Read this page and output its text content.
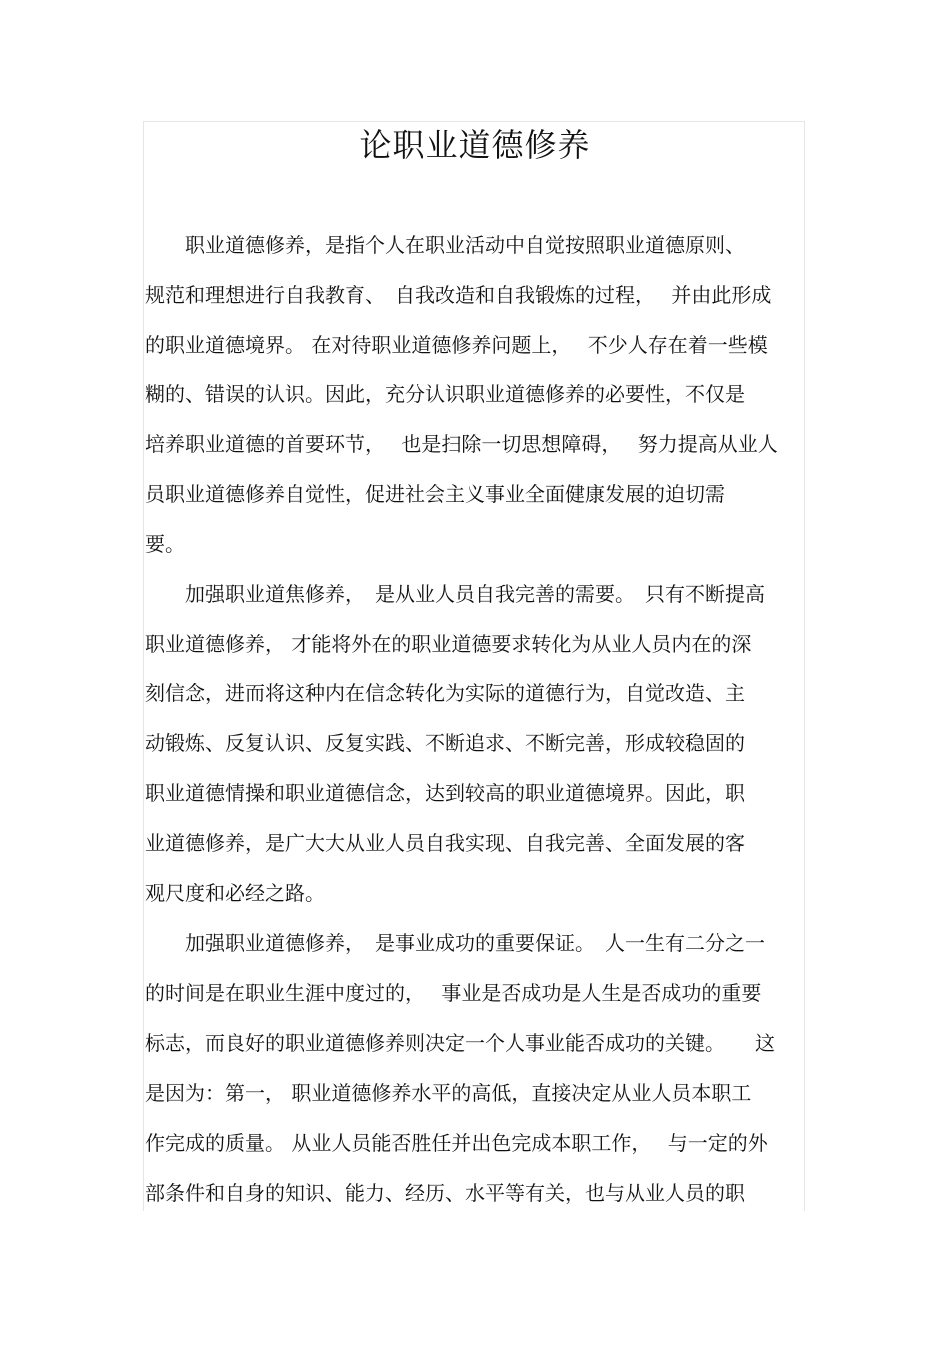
论职业道德修养
　　职业道德修养，是指个人在职业活动中自觉按照职业道德原则、
规范和理想进行自我教育、　自我改造和自我锻炼的过程，　 并由此形成
的职业道德境界。 在对待职业道德修养问题上，　 不少人存在着一些模
糊的、错误的认识。因此，充分认识职业道德修养的必要性，不仅是
培养职业道德的首要环节，　 也是扫除一切思想障碍，　 努力提高从业人
员职业道德修养自觉性，促进社会主义事业全面健康发展的迫切需
要。
　　加强职业道焦修养，　是从业人员自我完善的需要。　只有不断提高
职业道德修养， 才能将外在的职业道德要求转化为从业人员内在的深
刻信念，进而将这种内在信念转化为实际的道德行为，自觉改造、主
动锻炼、反复认识、反复实践、不断追求、不断完善，形成较稳固的
职业道德情操和职业道德信念，达到较高的职业道德境界。因此，职
业道德修养，是广大大从业人员自我实现、自我完善、全面发展的客
观尺度和必经之路。
　　加强职业道德修养，　是事业成功的重要保证。　人一生有二分之一
的时间是在职业生涯中度过的，　 事业是否成功是人生是否成功的重要
标志，而良好的职业道德修养则决定一个人事业能否成功的关键。　　这
是因为：第一， 职业道德修养水平的高低，直接决定从业人员本职工
作完成的质量。 从业人员能否胜任并出色完成本职工作，　 与一定的外
部条件和自身的知识、能力、经历、水平等有关，也与从业人员的职
